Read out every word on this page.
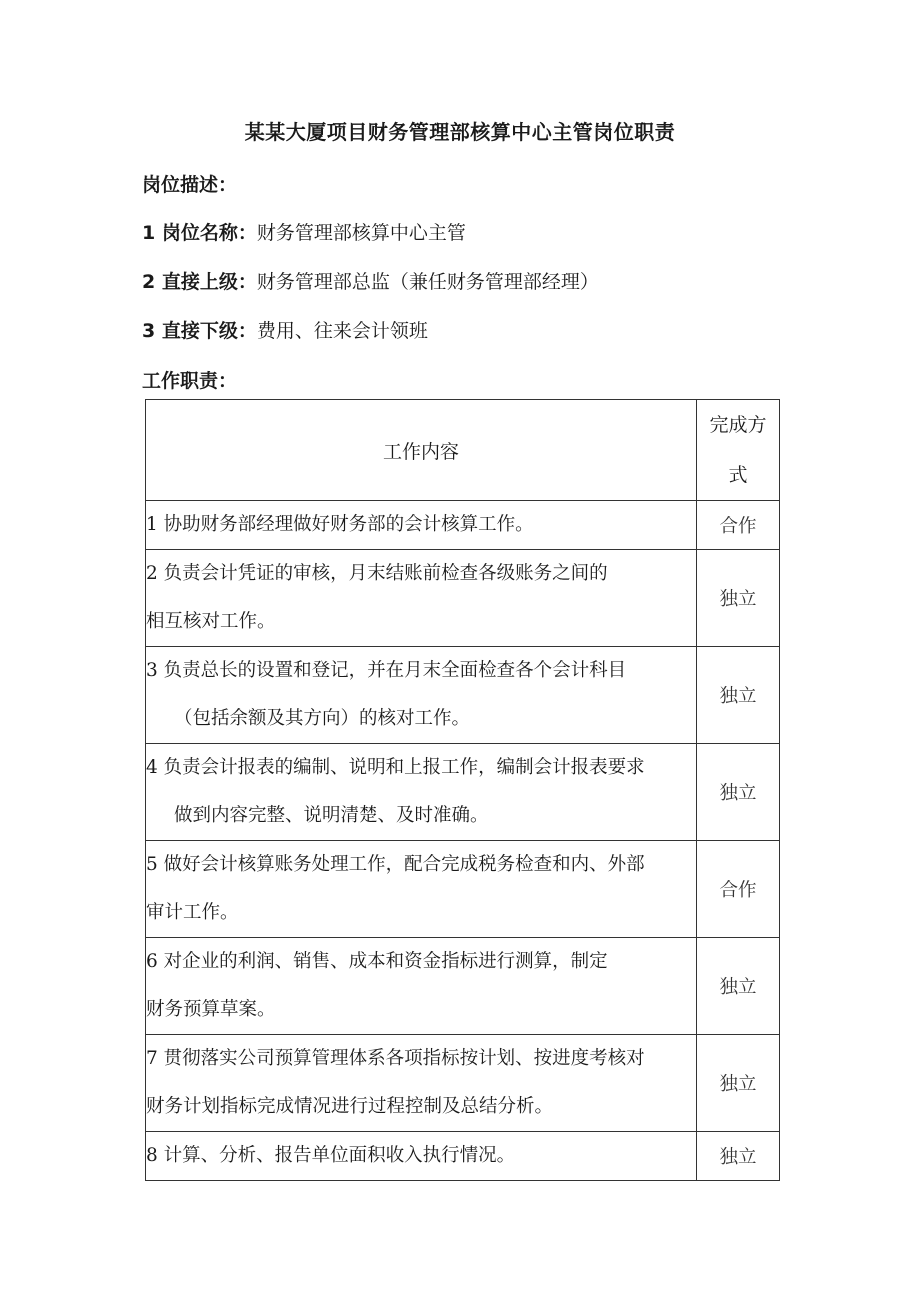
某某大厦项目财务管理部核算中心主管岗位职责
岗位描述：
1 岗位名称：财务管理部核算中心主管
2 直接上级：财务管理部总监（兼任财务管理部经理）
3 直接下级：费用、往来会计领班
工作职责：
工作内容	完成方
式

1 协助财务部经理做好财务部的会计核算工作。	合作

2 负责会计凭证的审核，月末结账前检查各级账务之间的
相互核对工作。	独立

3 负责总长的设置和登记，并在月末全面检查各个会计科目
（包括余额及其方向）的核对工作。	独立

4 负责会计报表的编制、说明和上报工作，编制会计报表要求
做到内容完整、说明清楚、及时准确。	独立

5 做好会计核算账务处理工作，配合完成税务检查和内、外部
审计工作。	合作

6 对企业的利润、销售、成本和资金指标进行测算，制定
财务预算草案。	独立

7 贯彻落实公司预算管理体系各项指标按计划、按进度考核对
财务计划指标完成情况进行过程控制及总结分析。	独立

8 计算、分析、报告单位面积收入执行情况。	独立
